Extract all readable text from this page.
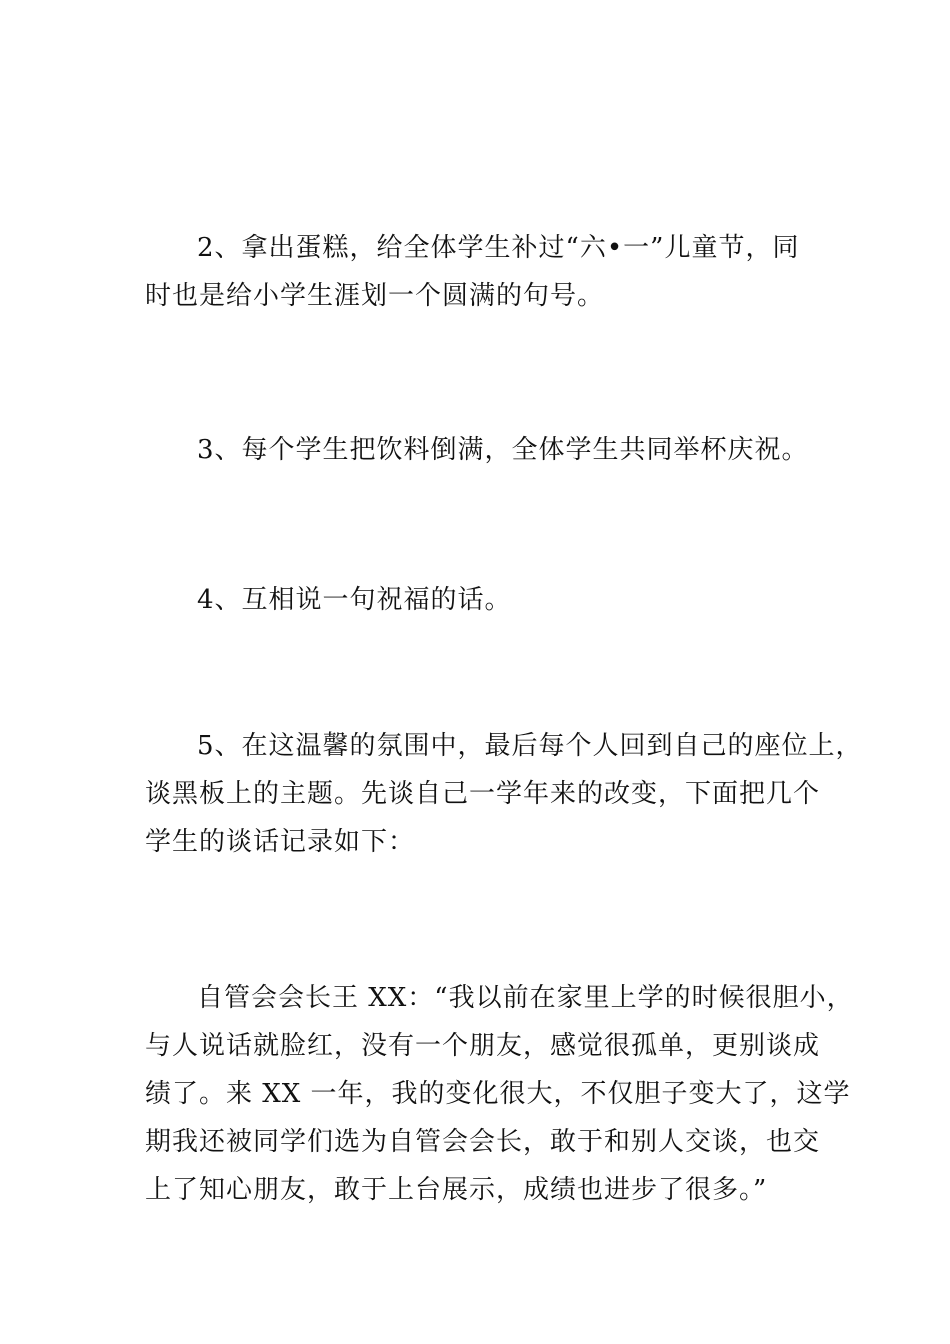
2、拿出蛋糕，给全体学生补过“六•一”儿童节，同
时也是给小学生涯划一个圆满的句号。
3、每个学生把饮料倒满，全体学生共同举杯庆祝。
4、互相说一句祝福的话。
5、在这温馨的氛围中，最后每个人回到自己的座位上，
谈黑板上的主题。先谈自己一学年来的改变，下面把几个
学生的谈话记录如下：
自管会会长王 XX：“我以前在家里上学的时候很胆小，
与人说话就脸红，没有一个朋友，感觉很孤单，更别谈成
绩了。来 XX 一年，我的变化很大，不仅胆子变大了，这学
期我还被同学们选为自管会会长，敢于和别人交谈，也交
上了知心朋友，敢于上台展示，成绩也进步了很多。”
